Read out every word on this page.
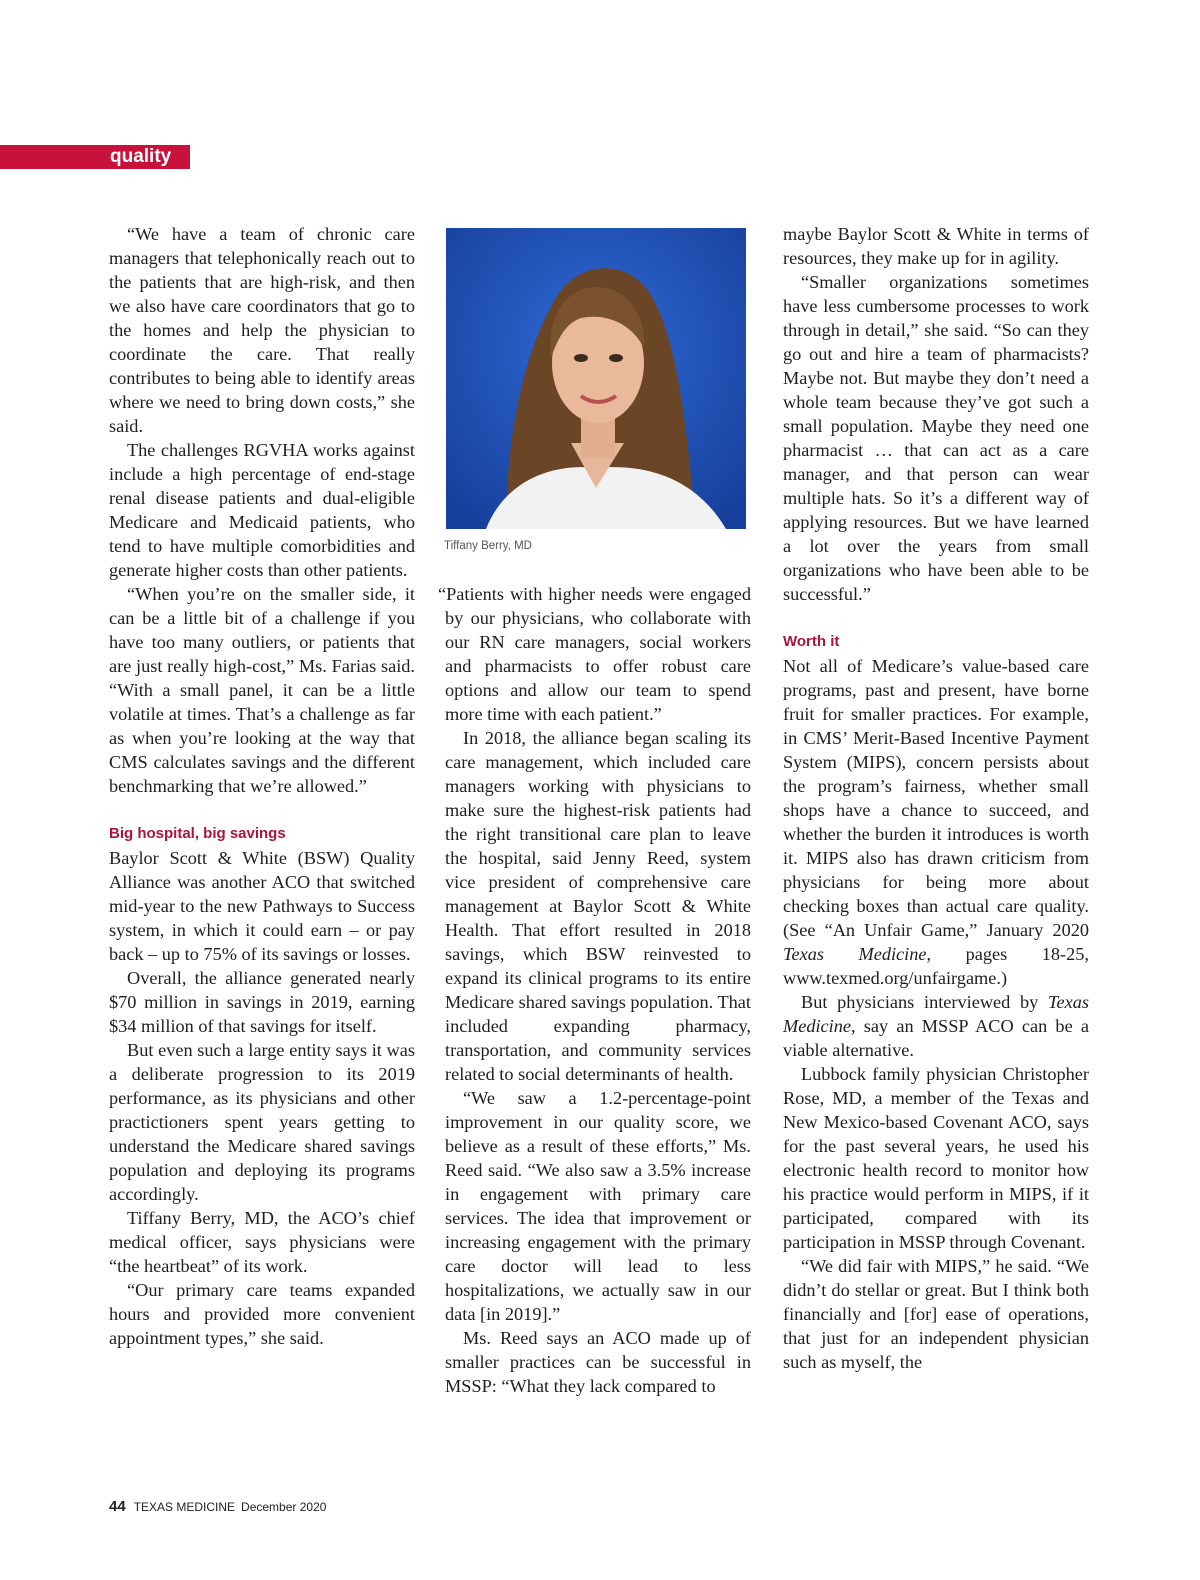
quality

“We have a team of chronic care managers that telephonically reach out to the patients that are high-risk, and then we also have care coordinators that go to the homes and help the physician to coordinate the care. That really contributes to being able to identify areas where we need to bring down costs,” she said.

The challenges RGVHA works against include a high percentage of end-stage renal disease patients and dual-eligible Medicare and Medicaid patients, who tend to have multiple comorbidities and generate higher costs than other patients.

“When you’re on the smaller side, it can be a little bit of a challenge if you have too many outliers, or patients that are just really high-cost,” Ms. Farias said. “With a small panel, it can be a little volatile at times. That’s a challenge as far as when you’re looking at the way that CMS calculates savings and the different benchmarking that we’re allowed.”

Big hospital, big savings

Baylor Scott & White (BSW) Quality Alliance was another ACO that switched mid-year to the new Pathways to Success system, in which it could earn – or pay back – up to 75% of its savings or losses.

Overall, the alliance generated nearly $70 million in savings in 2019, earning $34 million of that savings for itself.

But even such a large entity says it was a deliberate progression to its 2019 performance, as its physicians and other practictioners spent years getting to understand the Medicare shared savings population and deploying its programs accordingly.

Tiffany Berry, MD, the ACO’s chief medical officer, says physicians were “the heartbeat” of its work.

“Our primary care teams expanded hours and provided more convenient appointment types,” she said.

Tiffany Berry, MD

“Patients with higher needs were engaged by our physicians, who collaborate with our RN care managers, social workers and pharmacists to offer robust care options and allow our team to spend more time with each patient.”

In 2018, the alliance began scaling its care management, which included care managers working with physicians to make sure the highest-risk patients had the right transitional care plan to leave the hospital, said Jenny Reed, system vice president of comprehensive care management at Baylor Scott & White Health. That effort resulted in 2018 savings, which BSW reinvested to expand its clinical programs to its entire Medicare shared savings population. That included expanding pharmacy, transportation, and community services related to social determinants of health.

“We saw a 1.2-percentage-point improvement in our quality score, we believe as a result of these efforts,” Ms. Reed said. “We also saw a 3.5% increase in engagement with primary care services. The idea that improvement or increasing engagement with the primary care doctor will lead to less hospitalizations, we actually saw in our data [in 2019].”

Ms. Reed says an ACO made up of smaller practices can be successful in MSSP: “What they lack compared to

maybe Baylor Scott & White in terms of resources, they make up for in agility.

“Smaller organizations sometimes have less cumbersome processes to work through in detail,” she said. “So can they go out and hire a team of pharmacists? Maybe not. But maybe they don’t need a whole team because they’ve got such a small population. Maybe they need one pharmacist … that can act as a care manager, and that person can wear multiple hats. So it’s a different way of applying resources. But we have learned a lot over the years from small organizations who have been able to be successful.”

Worth it

Not all of Medicare’s value-based care programs, past and present, have borne fruit for smaller practices. For example, in CMS’ Merit-Based Incentive Payment System (MIPS), concern persists about the program’s fairness, whether small shops have a chance to succeed, and whether the burden it introduces is worth it. MIPS also has drawn criticism from physicians for being more about checking boxes than actual care quality. (See “An Unfair Game,” January 2020 Texas Medicine, pages 18-25, www.texmed.org/unfairgame.)

But physicians interviewed by Texas Medicine, say an MSSP ACO can be a viable alternative.

Lubbock family physician Christopher Rose, MD, a member of the Texas and New Mexico-based Covenant ACO, says for the past several years, he used his electronic health record to monitor how his practice would perform in MIPS, if it participated, compared with its participation in MSSP through Covenant.

“We did fair with MIPS,” he said. “We didn’t do stellar or great. But I think both financially and [for] ease of operations, that just for an independent physician such as myself, the

44 TEXAS MEDICINE December 2020
